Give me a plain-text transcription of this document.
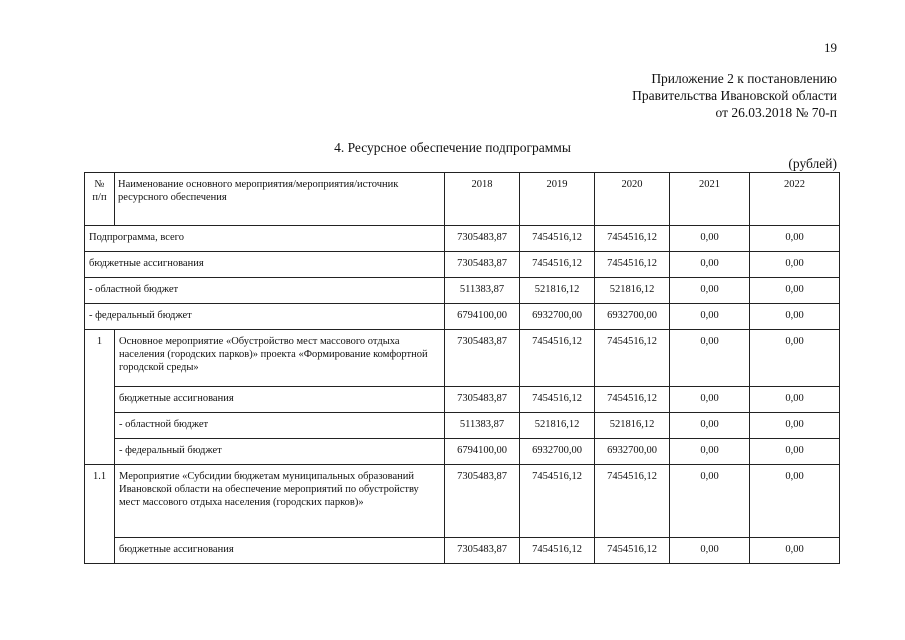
19
Приложение 2 к постановлению
Правительства Ивановской области
от 26.03.2018 № 70-п
4. Ресурсное обеспечение подпрограммы
(рублей)
№ п/п	Наименование основного мероприятия/мероприятия/источник ресурсного обеспечения	2018	2019	2020	2021	2022
Подпрограмма, всего		7305483,87	7454516,12	7454516,12	0,00	0,00
бюджетные ассигнования		7305483,87	7454516,12	7454516,12	0,00	0,00
- областной бюджет		511383,87	521816,12	521816,12	0,00	0,00
- федеральный бюджет		6794100,00	6932700,00	6932700,00	0,00	0,00
1	Основное мероприятие «Обустройство мест массового отдыха населения (городских парков)» проекта «Формирование комфортной городской среды»	7305483,87	7454516,12	7454516,12	0,00	0,00
	бюджетные ассигнования	7305483,87	7454516,12	7454516,12	0,00	0,00
	- областной бюджет	511383,87	521816,12	521816,12	0,00	0,00
	- федеральный бюджет	6794100,00	6932700,00	6932700,00	0,00	0,00
1.1	Мероприятие «Субсидии бюджетам муниципальных образований Ивановской области на обеспечение мероприятий по обустройству мест массового отдыха населения (городских парков)»	7305483,87	7454516,12	7454516,12	0,00	0,00
	бюджетные ассигнования	7305483,87	7454516,12	7454516,12	0,00	0,00
